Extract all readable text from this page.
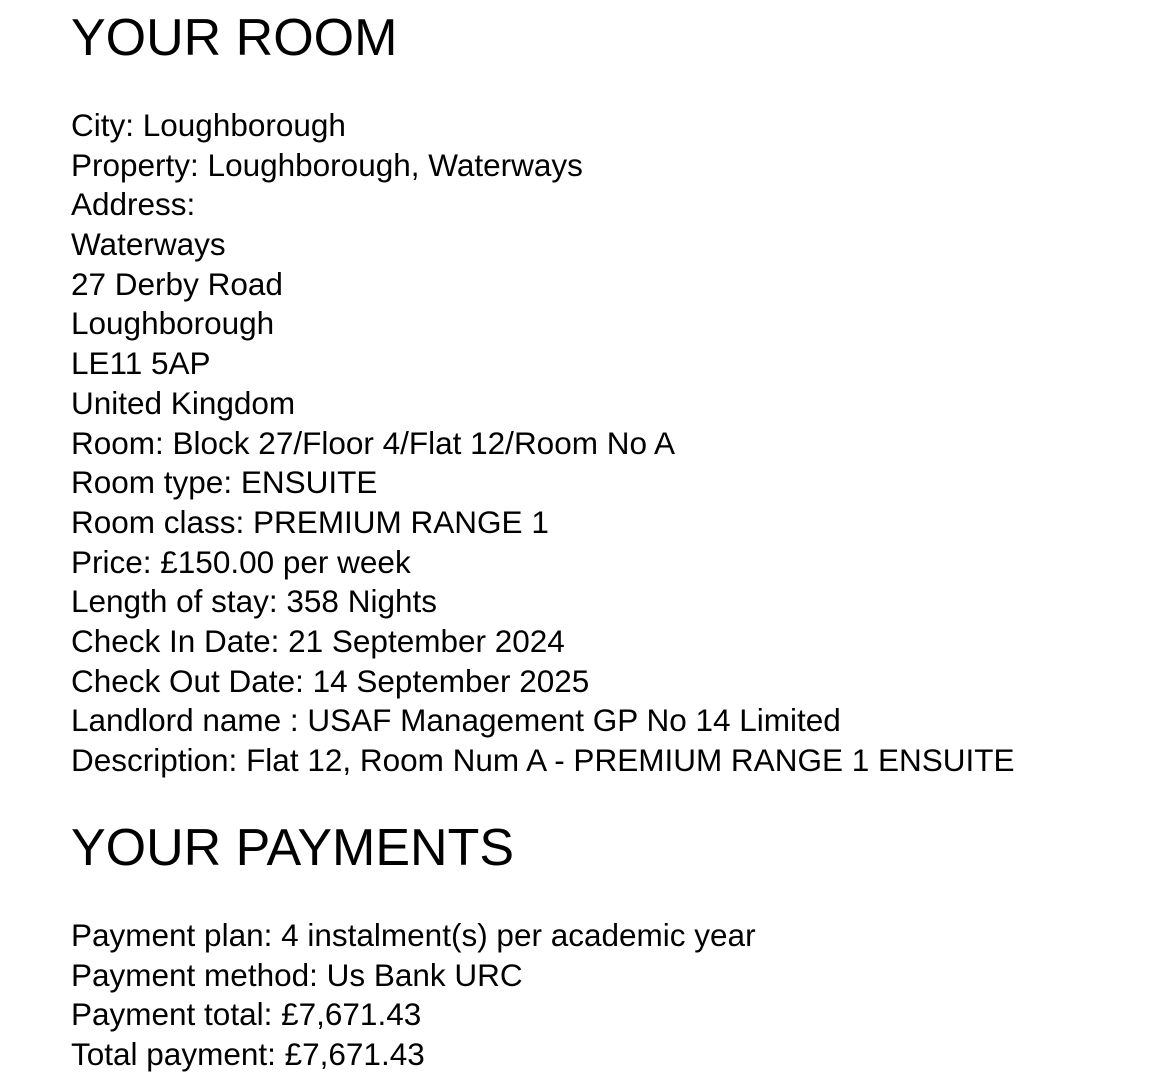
YOUR ROOM
City: Loughborough
Property: Loughborough, Waterways
Address:
Waterways
27 Derby Road
Loughborough
LE11 5AP
United Kingdom
Room: Block 27/Floor 4/Flat 12/Room No A
Room type: ENSUITE
Room class: PREMIUM RANGE 1
Price: £150.00 per week
Length of stay: 358 Nights
Check In Date: 21 September 2024
Check Out Date: 14 September 2025
Landlord name : USAF Management GP No 14 Limited
Description: Flat 12, Room Num A - PREMIUM RANGE 1 ENSUITE
YOUR PAYMENTS
Payment plan: 4 instalment(s) per academic year
Payment method: Us Bank URC
Payment total: £7,671.43
Total payment: £7,671.43
